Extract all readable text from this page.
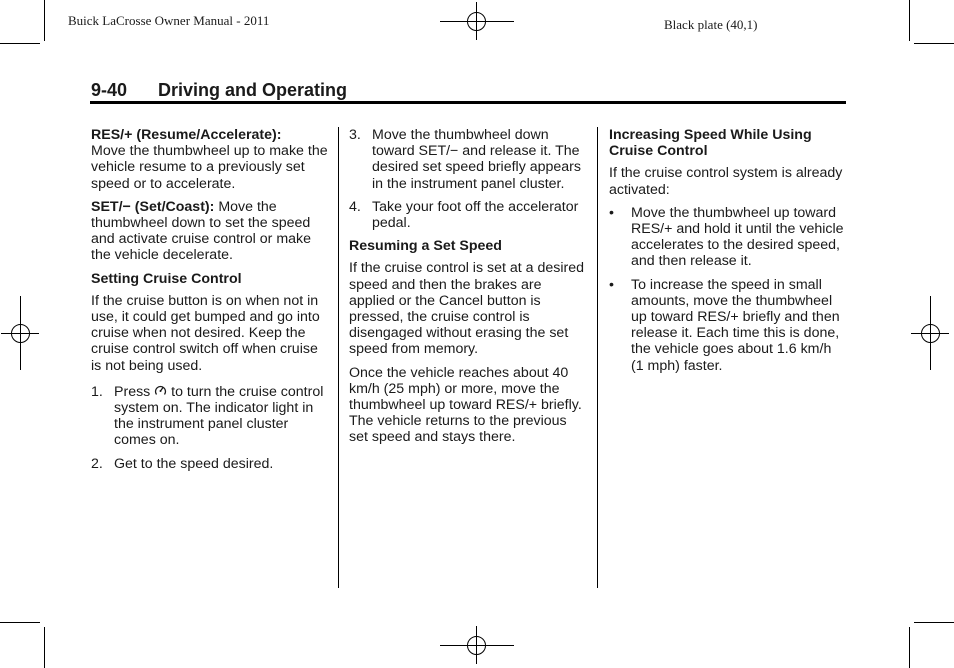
Buick LaCrosse Owner Manual - 2011	Black plate (40,1)
9-40 Driving and Operating

RES/+ (Resume/Accelerate):
Move the thumbwheel up to make the vehicle resume to a previously set speed or to accelerate.

SET/− (Set/Coast): Move the thumbwheel down to set the speed and activate cruise control or make the vehicle decelerate.

Setting Cruise Control

If the cruise button is on when not in use, it could get bumped and go into cruise when not desired. Keep the cruise control switch off when cruise is not being used.

1. Press  to turn the cruise control system on. The indicator light in the instrument panel cluster comes on.
2. Get to the speed desired.
3. Move the thumbwheel down toward SET/− and release it. The desired set speed briefly appears in the instrument panel cluster.
4. Take your foot off the accelerator pedal.

Resuming a Set Speed

If the cruise control is set at a desired speed and then the brakes are applied or the Cancel button is pressed, the cruise control is disengaged without erasing the set speed from memory.

Once the vehicle reaches about 40 km/h (25 mph) or more, move the thumbwheel up toward RES/+ briefly. The vehicle returns to the previous set speed and stays there.

Increasing Speed While Using Cruise Control

If the cruise control system is already activated:

• Move the thumbwheel up toward RES/+ and hold it until the vehicle accelerates to the desired speed, and then release it.
• To increase the speed in small amounts, move the thumbwheel up toward RES/+ briefly and then release it. Each time this is done, the vehicle goes about 1.6 km/h (1 mph) faster.
